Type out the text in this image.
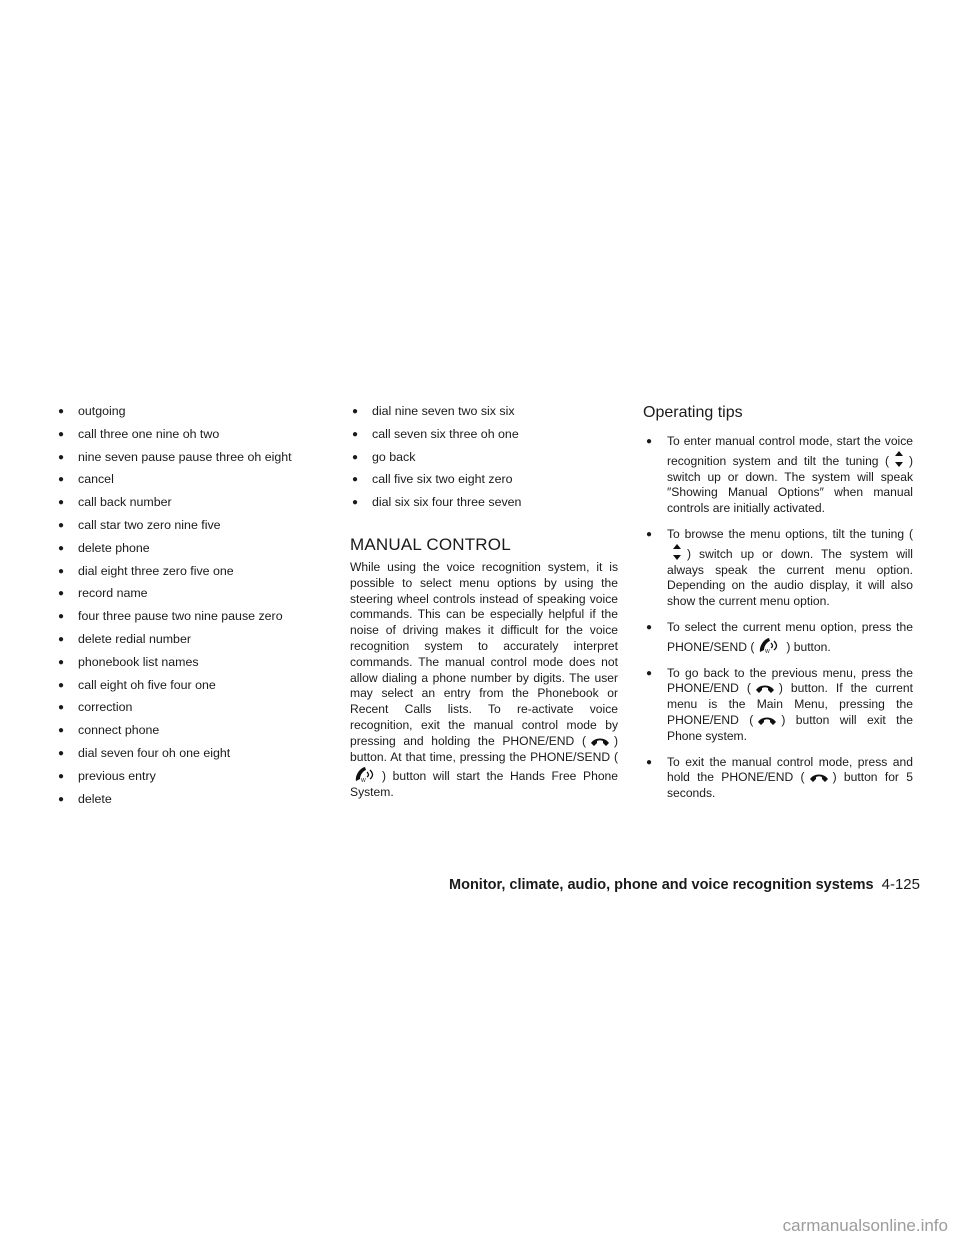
● outgoing
● call three one nine oh two
● nine seven pause pause three oh eight
● cancel
● call back number
● call star two zero nine five
● delete phone
● dial eight three zero five one
● record name
● four three pause two nine pause zero
● delete redial number
● phonebook list names
● call eight oh five four one
● correction
● connect phone
● dial seven four oh one eight
● previous entry
● delete
● dial nine seven two six six
● call seven six three oh one
● go back
● call five six two eight zero
● dial six six four three seven
MANUAL CONTROL

While using the voice recognition system, it is possible to select menu options by using the steering wheel controls instead of speaking voice commands. This can be especially helpful if the noise of driving makes it difficult for the voice recognition system to accurately interpret commands. The manual control mode does not allow dialing a phone number by digits. The user may select an entry from the Phonebook or Recent Calls lists. To re-activate voice recognition, exit the manual control mode by pressing and holding the PHONE/END ( ) button. At that time, pressing the PHONE/SEND (
W ) button will start the Hands Free Phone System.

Operating tips
● To enter manual control mode, start the voice recognition system and tilt the tuning ( ) switch up or down. The system will speak ″Showing Manual Options″ when manual controls are initially activated.
● To browse the menu options, tilt the tuning () switch up or down. The system will always speak the current menu option. Depending on the audio display, it will also show the current menu option.
● To select the current menu option, press the PHONE/SEND ( W ) button.
● To go back to the previous menu, press the PHONE/END ( ) button. If the current menu is the Main Menu, pressing the PHONE/END ( ) button will exit the Phone system.
● To exit the manual control mode, press and hold the PHONE/END ( ) button for 5 seconds.
Monitor, climate, audio, phone and voice recognition systems 4-125
carmanualsonline.info
